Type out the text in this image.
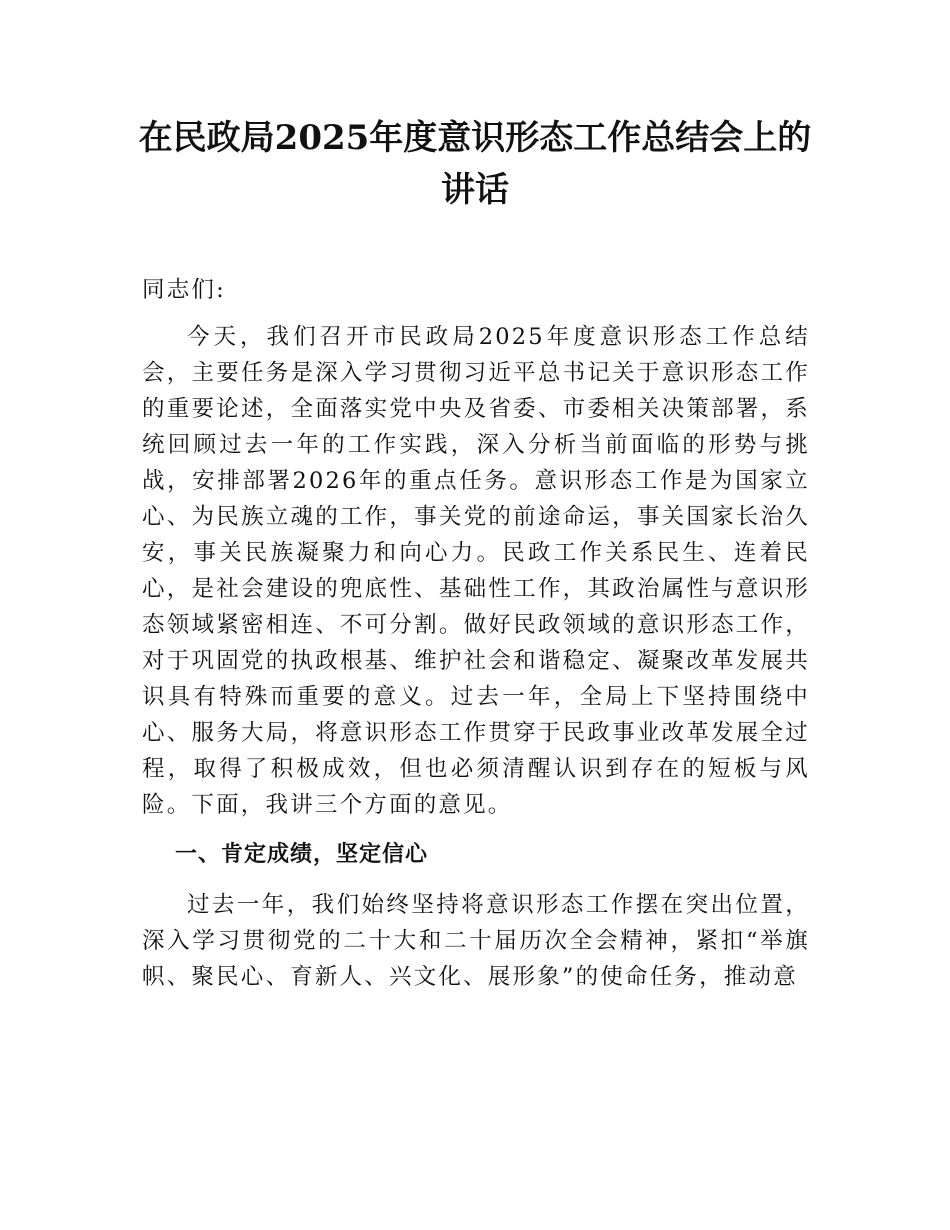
在民政局2025年度意识形态工作总结会上的讲话

同志们:

今天，我们召开市民政局2025年度意识形态工作总结会，主要任务是深入学习贯彻习近平总书记关于意识形态工作的重要论述，全面落实党中央及省委、市委相关决策部署，系统回顾过去一年的工作实践，深入分析当前面临的形势与挑战，安排部署2026年的重点任务。意识形态工作是为国家立心、为民族立魂的工作，事关党的前途命运，事关国家长治久安，事关民族凝聚力和向心力。民政工作关系民生、连着民心，是社会建设的兜底性、基础性工作，其政治属性与意识形态领域紧密相连、不可分割。做好民政领域的意识形态工作，对于巩固党的执政根基、维护社会和谐稳定、凝聚改革发展共识具有特殊而重要的意义。过去一年，全局上下坚持围绕中心、服务大局，将意识形态工作贯穿于民政事业改革发展全过程，取得了积极成效，但也必须清醒认识到存在的短板与风险。下面，我讲三个方面的意见。

一、肯定成绩，坚定信心

过去一年，我们始终坚持将意识形态工作摆在突出位置，深入学习贯彻党的二十大和二十届历次全会精神，紧扣“举旗帜、聚民心、育新人、兴文化、展形象”的使命任务，推动意
